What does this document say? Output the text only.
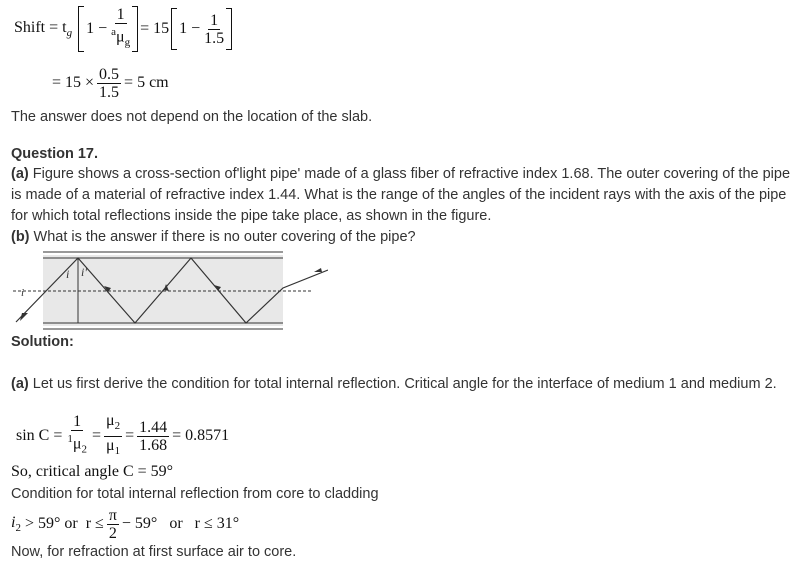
Shift = $t_g$ $1 - \frac{1}{^a\mu_g} = 15$ $1 - \frac{1}{1.5}$
= $15 \times \frac{0.5}{1.5} = 5$ cm
The answer does not depend on the location of the slab.
Question 17.
(a) Figure shows a cross-section of'light pipe' made of a glass fiber of refractive index 1.68. The outer covering of the pipe is made of a material of refractive index 1.44. What is the range of the angles of the incident rays with the axis of the pipe for which total reflections inside the pipe take place, as shown in the figure.
(b) What is the answer if there is no outer covering of the pipe?
i i'
i
Solution:
(a) Let us first derive the condition for total internal reflection. Critical angle for the interface of medium 1 and medium 2.
$\sin C = \frac{1}{^1\mu_2} = \frac{\mu_2}{\mu_1} = \frac{1.44}{1.68} = 0.8571$
So, critical angle C = 59°
Condition for total internal reflection from core to cladding
$i_2 > 59^\circ$ or  $r \le \frac{\pi}{2} - 59^\circ$   or   r ≤ 31°
Now, for refraction at first surface air to core.
